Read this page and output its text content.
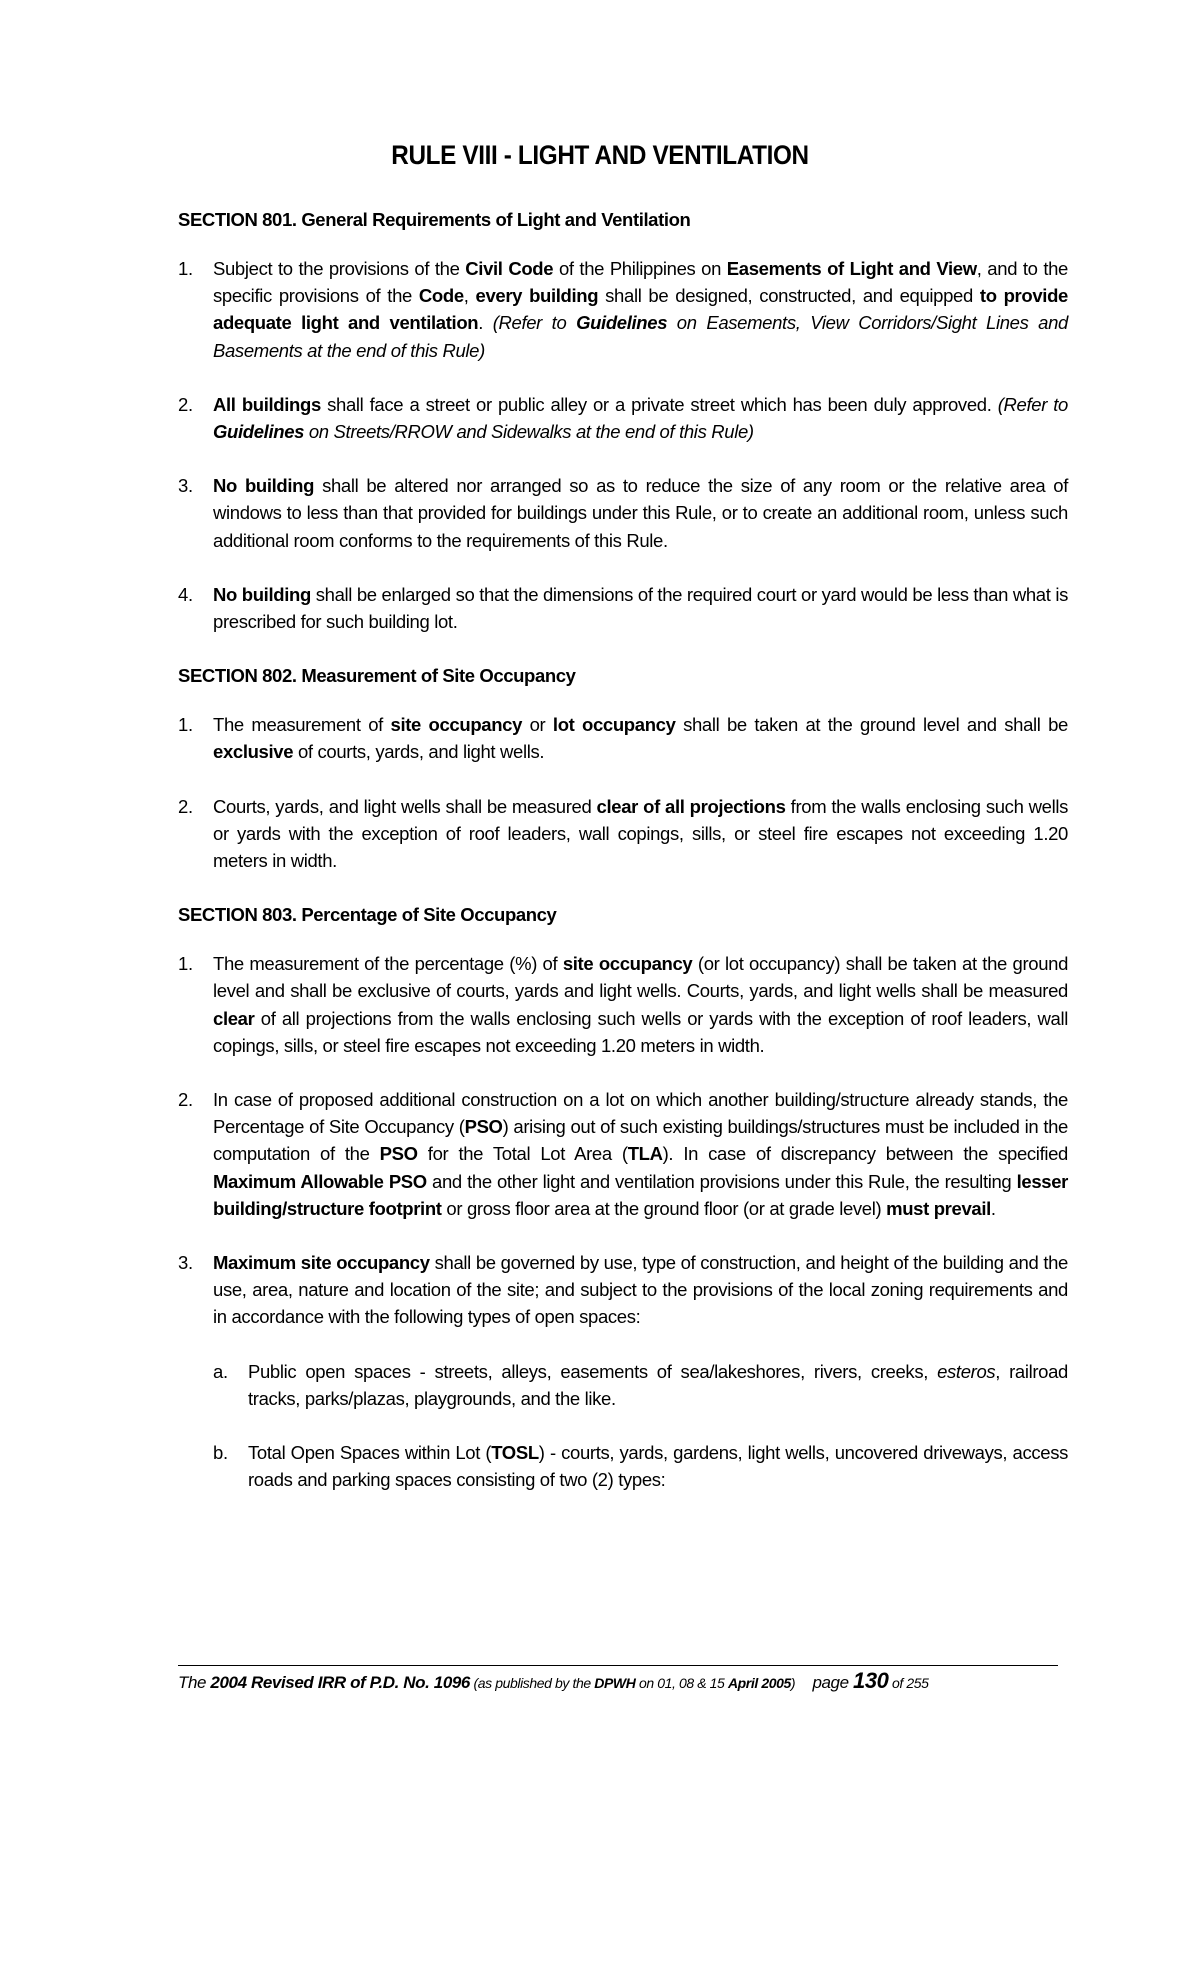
RULE VIII - LIGHT AND VENTILATION
SECTION 801. General Requirements of Light and Ventilation
1.	Subject to the provisions of the Civil Code of the Philippines on Easements of Light and View, and to the specific provisions of the Code, every building shall be designed, constructed, and equipped to provide adequate light and ventilation. (Refer to Guidelines on Easements, View Corridors/Sight Lines and Basements at the end of this Rule)
2.	All buildings shall face a street or public alley or a private street which has been duly approved. (Refer to Guidelines on Streets/RROW and Sidewalks at the end of this Rule)
3.	No building shall be altered nor arranged so as to reduce the size of any room or the relative area of windows to less than that provided for buildings under this Rule, or to create an additional room, unless such additional room conforms to the requirements of this Rule.
4.	No building shall be enlarged so that the dimensions of the required court or yard would be less than what is prescribed for such building lot.
SECTION 802. Measurement of Site Occupancy
1.	The measurement of site occupancy or lot occupancy shall be taken at the ground level and shall be exclusive of courts, yards, and light wells.
2.	Courts, yards, and light wells shall be measured clear of all projections from the walls enclosing such wells or yards with the exception of roof leaders, wall copings, sills, or steel fire escapes not exceeding 1.20 meters in width.
SECTION 803. Percentage of Site Occupancy
1.	The measurement of the percentage (%) of site occupancy (or lot occupancy) shall be taken at the ground level and shall be exclusive of courts, yards and light wells. Courts, yards, and light wells shall be measured clear of all projections from the walls enclosing such wells or yards with the exception of roof leaders, wall copings, sills, or steel fire escapes not exceeding 1.20 meters in width.
2.	In case of proposed additional construction on a lot on which another building/structure already stands, the Percentage of Site Occupancy (PSO) arising out of such existing buildings/structures must be included in the computation of the PSO for the Total Lot Area (TLA). In case of discrepancy between the specified Maximum Allowable PSO and the other light and ventilation provisions under this Rule, the resulting lesser building/structure footprint or gross floor area at the ground floor (or at grade level) must prevail.
3.	Maximum site occupancy shall be governed by use, type of construction, and height of the building and the use, area, nature and location of the site; and subject to the provisions of the local zoning requirements and in accordance with the following types of open spaces:
a.	Public open spaces - streets, alleys, easements of sea/lakeshores, rivers, creeks, esteros, railroad tracks, parks/plazas, playgrounds, and the like.
b.	Total Open Spaces within Lot (TOSL) - courts, yards, gardens, light wells, uncovered driveways, access roads and parking spaces consisting of two (2) types:
The 2004 Revised IRR of P.D. No. 1096 (as published by the DPWH on 01, 08 & 15 April 2005) page 130 of 255
